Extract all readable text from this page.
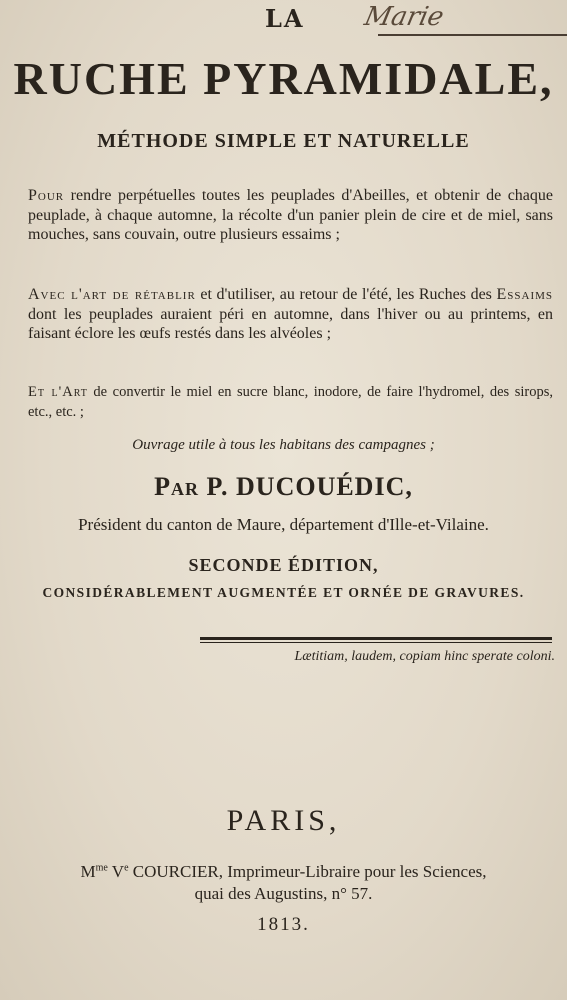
LA	Marie
RUCHE PYRAMIDALE,
MÉTHODE SIMPLE ET NATURELLE
Pour rendre perpétuelles toutes les peuplades d'Abeilles, et obtenir de chaque peuplade, à chaque automne, la récolte d'un panier plein de cire et de miel, sans mouches, sans couvain, outre plusieurs essaims ;
Avec l'art de rétablir et d'utiliser, au retour de l'été, les Ruches des Essaims dont les peuplades auraient péri en automne, dans l'hiver ou au printems, en faisant éclore les œufs restés dans les alvéoles ;
Et l'Art de convertir le miel en sucre blanc, inodore, de faire l'hydromel, des sirops, etc., etc. ;
Ouvrage utile à tous les habitans des campagnes ;
Par P. DUCOUÉDIC,
Président du canton de Maure, département d'Ille-et-Vilaine.
SECONDE ÉDITION,
CONSIDÉRABLEMENT AUGMENTÉE ET ORNÉE DE GRAVURES.
Lætitiam, laudem, copiam hinc sperate coloni.
PARIS,
$M^{me}$ Ve COURCIER, Imprimeur-Libraire pour les Sciences,
quai des Augustins, n° 57.
1813.
